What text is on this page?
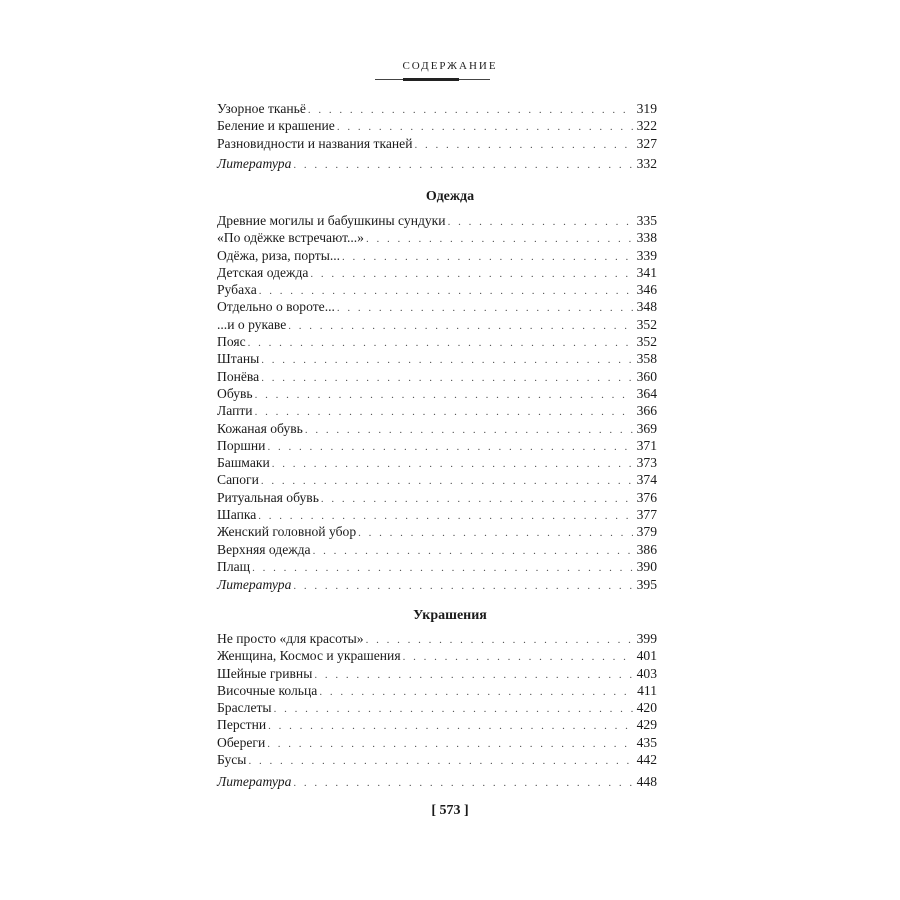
СОДЕРЖАНИЕ
Узорное тканьё . . .	319
Беление и крашение . . .	322
Разновидности и названия тканей . . .	327
Литература . . .	332
Одежда
Древние могилы и бабушкины сундуки . . .	335
«По одёжке встречают...» . . .	338
Одёжа, риза, порты... . . .	339
Детская одежда . . .	341
Рубаха . . .	346
Отдельно о вороте... . . .	348
...и о рукаве . . .	352
Пояс . . .	352
Штаны . . .	358
Понёва . . .	360
Обувь . . .	364
Лапти . . .	366
Кожаная обувь . . .	369
Поршни . . .	371
Башмаки . . .	373
Сапоги . . .	374
Ритуальная обувь . . .	376
Шапка . . .	377
Женский головной убор . . .	379
Верхняя одежда . . .	386
Плащ . . .	390
Литература . . .	395
Украшения
Не просто «для красоты» . . .	399
Женщина, Космос и украшения . . .	401
Шейные гривны . . .	403
Височные кольца . . .	411
Браслеты . . .	420
Перстни . . .	429
Обереги . . .	435
Бусы . . .	442
Литература . . .	448
[ 573 ]
